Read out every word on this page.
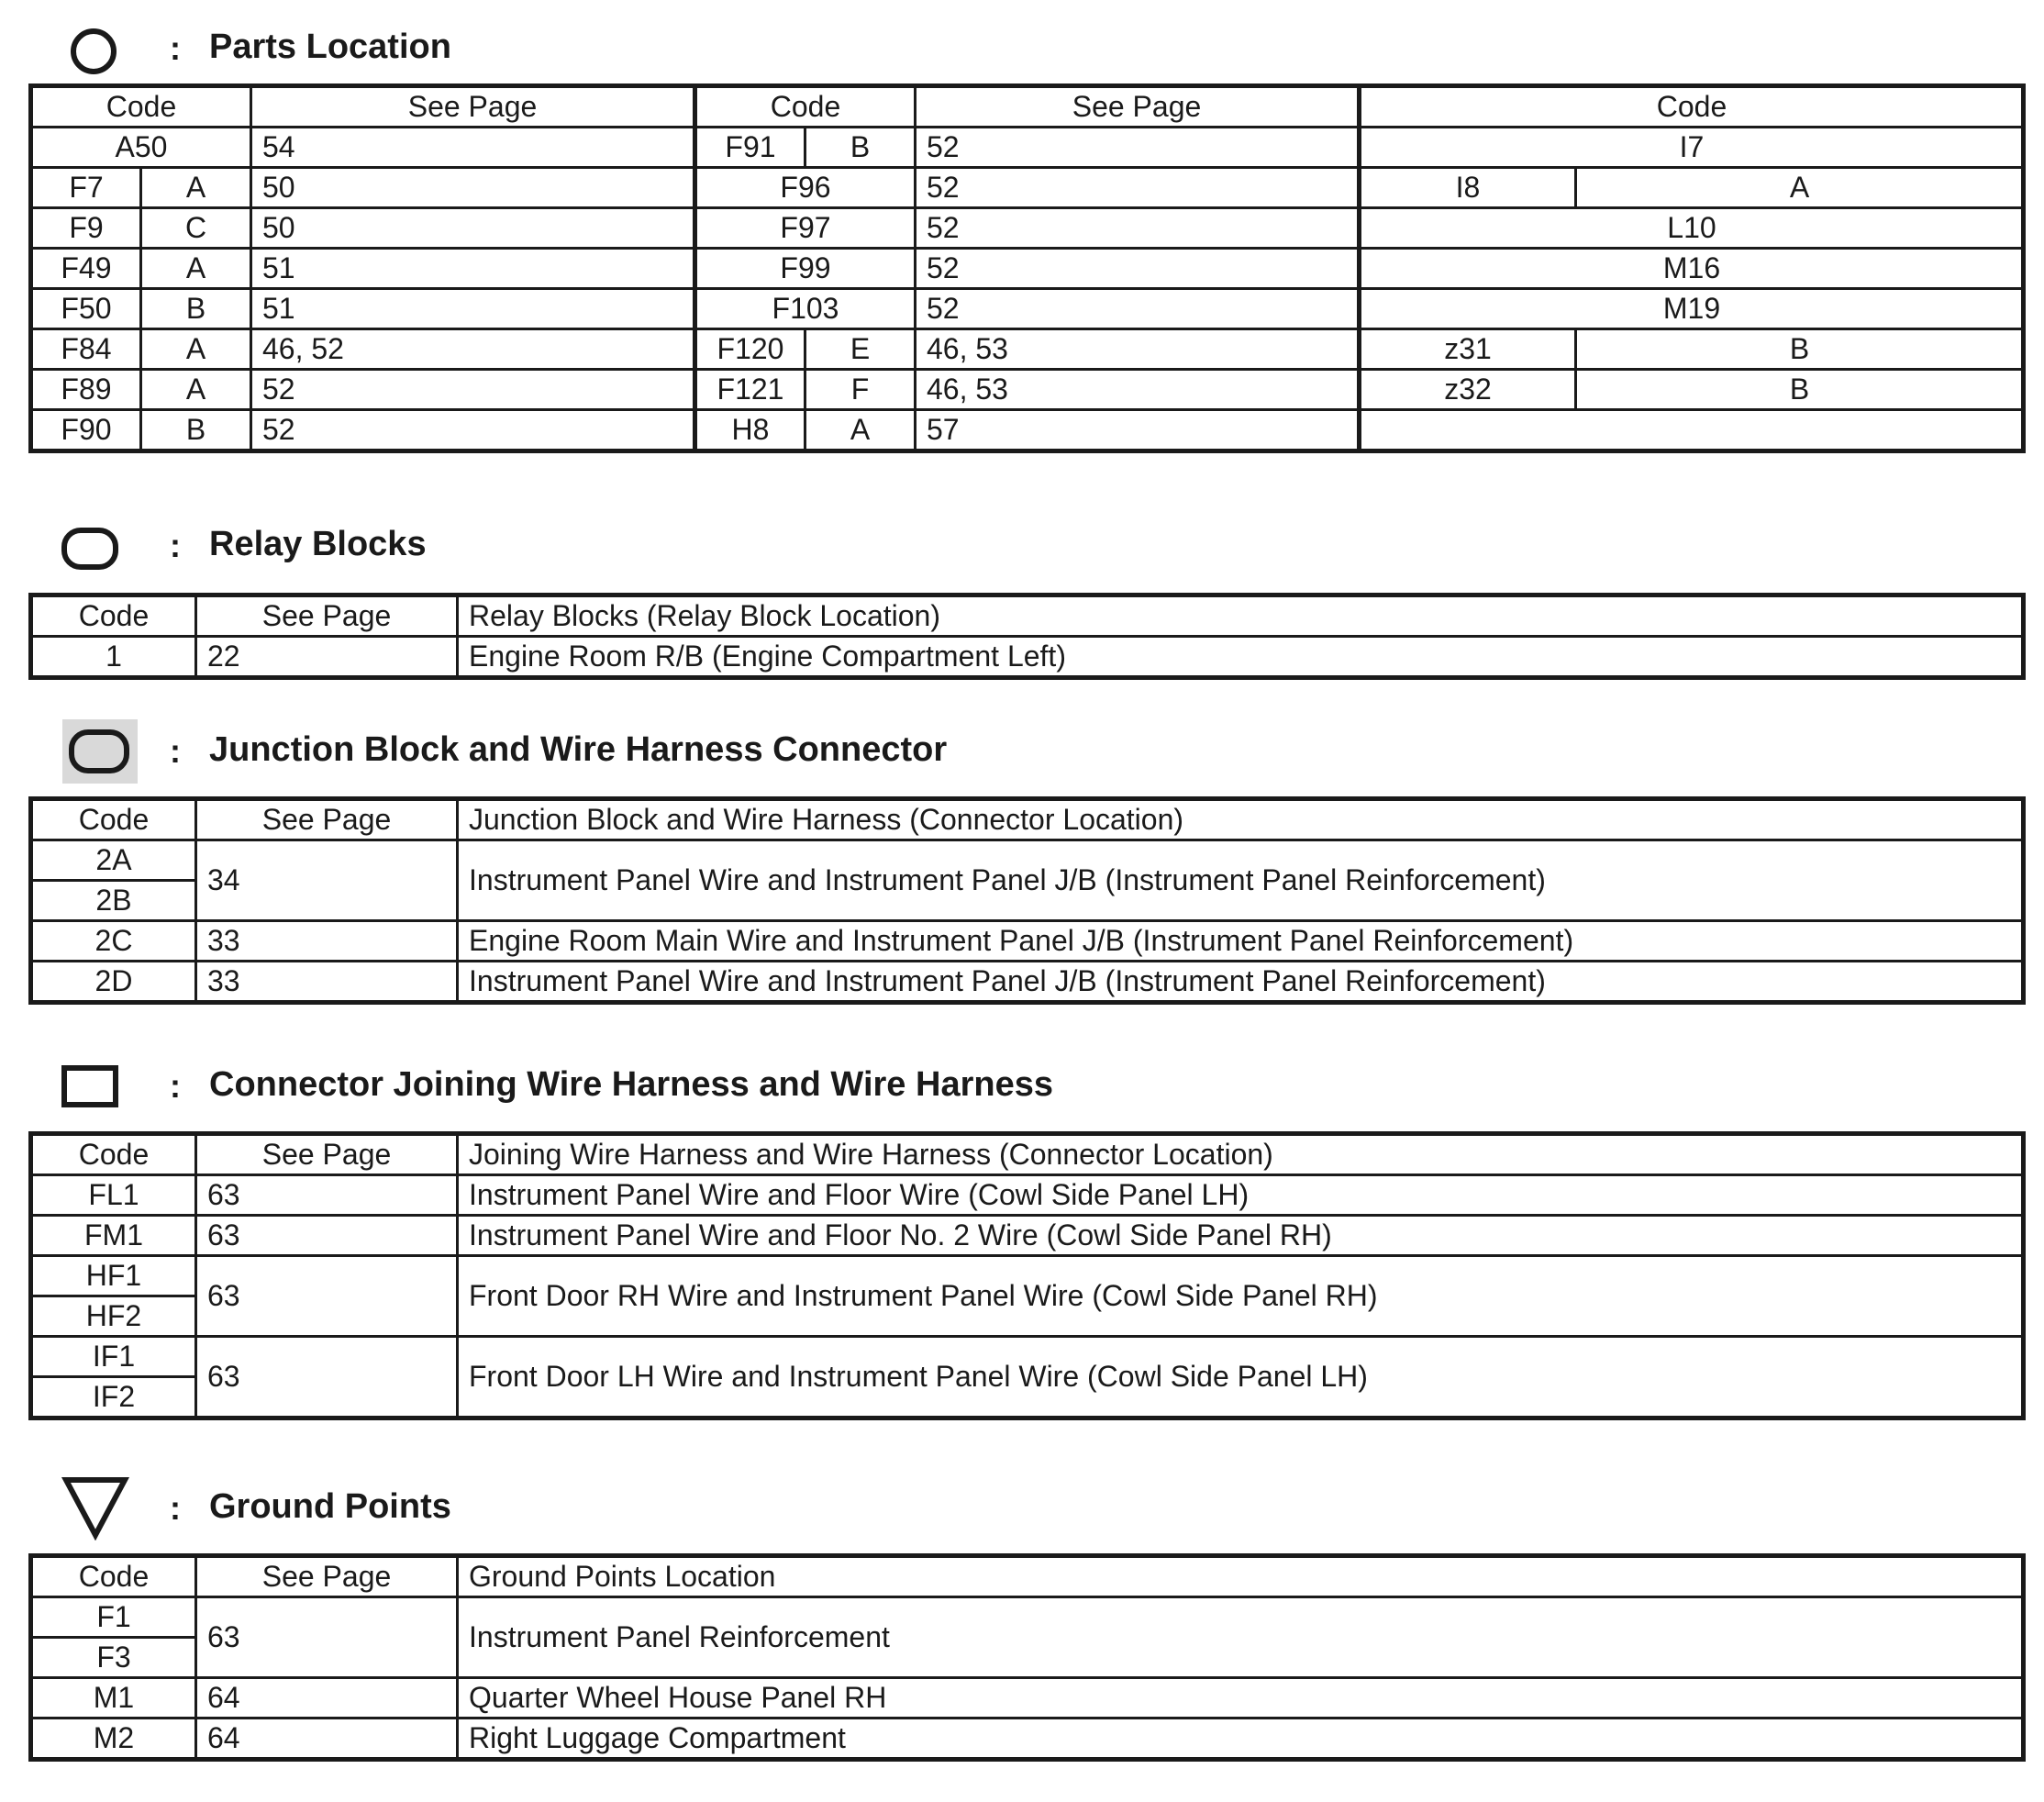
: Parts Location
Code		See Page	Code		See Page	Code	
A50		54	F91	B	52	I7	
F7	A	50	F96		52	I8	A	
F9	C	50	F97		52	L10	
F49	A	51	F99		52	M16	
F50	B	51	F103		52	M19	
F84	A	46, 52	F120	E	46, 53	z31	B	
F89	A	52	F121	F	46, 53	z32	B	
F90	B	52	H8	A	57			
: Relay Blocks
Code	See Page	Relay Blocks (Relay Block Location)
1	22	Engine Room R/B (Engine Compartment Left)
: Junction Block and Wire Harness Connector
Code	See Page	Junction Block and Wire Harness (Connector Location)
2A	34	Instrument Panel Wire and Instrument Panel J/B (Instrument Panel Reinforcement)
2B		
2C	33	Engine Room Main Wire and Instrument Panel J/B (Instrument Panel Reinforcement)
2D	33	Instrument Panel Wire and Instrument Panel J/B (Instrument Panel Reinforcement)
: Connector Joining Wire Harness and Wire Harness
Code	See Page	Joining Wire Harness and Wire Harness (Connector Location)
FL1	63	Instrument Panel Wire and Floor Wire (Cowl Side Panel LH)
FM1	63	Instrument Panel Wire and Floor No. 2 Wire (Cowl Side Panel RH)
HF1	63	Front Door RH Wire and Instrument Panel Wire (Cowl Side Panel RH)
HF2		
IF1	63	Front Door LH Wire and Instrument Panel Wire (Cowl Side Panel LH)
IF2		
: Ground Points
Code	See Page	Ground Points Location
F1	63	Instrument Panel Reinforcement
F3		
M1	64	Quarter Wheel House Panel RH
M2	64	Right Luggage Compartment
